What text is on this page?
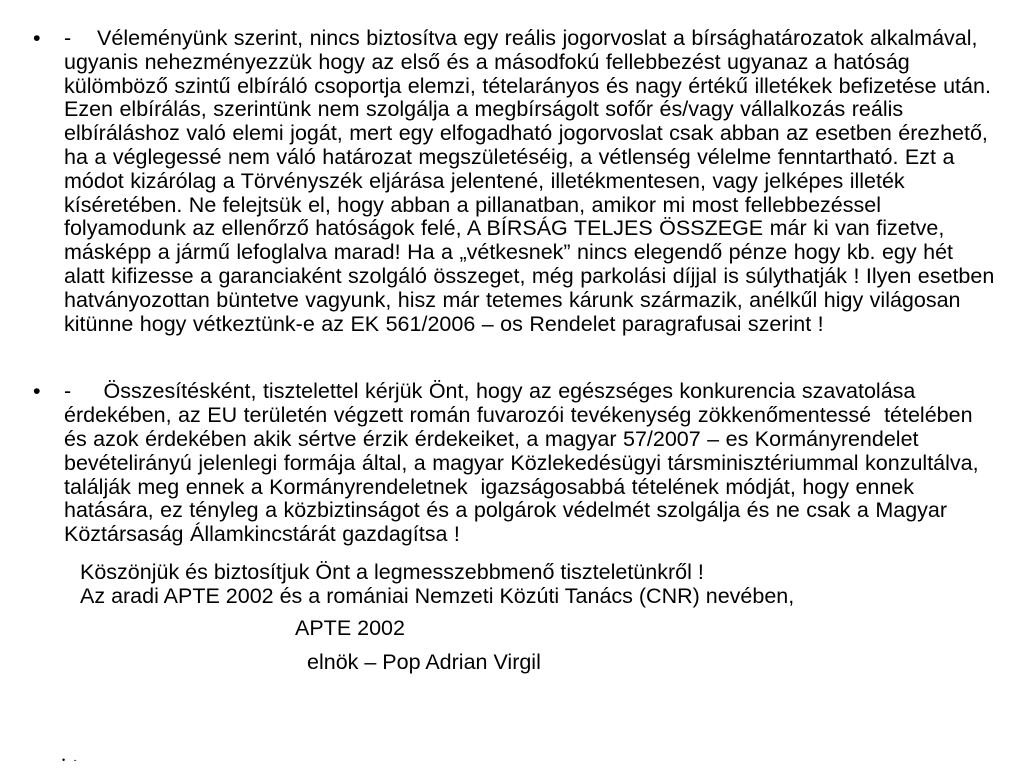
•	-    Véleményünk szerint, nincs biztosítva egy reális jogorvoslat a bírsághatározatok alkalmával, ugyanis nehezményezzük hogy az első és a másodfokú fellebbezést ugyanaz a hatóság külömböző szintű elbíráló csoportja elemzi, tételarányos és nagy értékű illetékek befizetése után. Ezen elbírálás, szerintünk nem szolgálja a megbírságolt sofőr és/vagy vállalkozás reális elbíráláshoz való elemi jogát, mert egy elfogadható jogorvoslat csak abban az esetben érezhető, ha a véglegessé nem váló határozat megszületéséig, a vétlenség vélelme fenntartható. Ezt a módot kizárólag a Törvényszék eljárása jelentené, illetékmentesen, vagy jelképes illeték kíséretében. Ne felejtsük el, hogy abban a pillanatban, amikor mi most fellebbezéssel folyamodunk az ellenőrző hatóságok felé, A BÍRSÁG TELJES ÖSSZEGE már ki van fizetve, másképp a jármű lefoglalva marad! Ha a „vétkesnek” nincs elegendő pénze hogy kb. egy hét alatt kifizesse a garanciaként szolgáló összeget, még parkolási díjjal is súlythatják ! Ilyen esetben hatványozottan büntetve vagyunk, hisz már tetemes kárunk származik, anélkűl higy világosan kitünne hogy vétkeztünk-e az EK 561/2006 – os Rendelet paragrafusai szerint !
•	-     Összesítésként, tisztelettel kérjük Önt, hogy az egészséges konkurencia szavatolása érdekében, az EU területén végzett román fuvarozói tevékenység zökkenőmentessé  tételében és azok érdekében akik sértve érzik érdekeiket, a magyar 57/2007 – es Kormányrendelet bevételirányú jelenlegi formája által, a magyar Közlekedésügyi társminisztériummal konzultálva, találják meg ennek a Kormányrendeletnek  igazságosabbá tételének módját, hogy ennek hatására, ez tényleg a közbiztinságot és a polgárok védelmét szolgálja és ne csak a Magyar Köztársaság Államkincstárát gazdagítsa !
Köszönjük és biztosítjuk Önt a legmesszebbmenő tiszteletünkről !
Az aradi APTE 2002 és a romániai Nemzeti Közúti Tanács (CNR) nevében,
APTE 2002
elnök – Pop Adrian Virgil
• -
